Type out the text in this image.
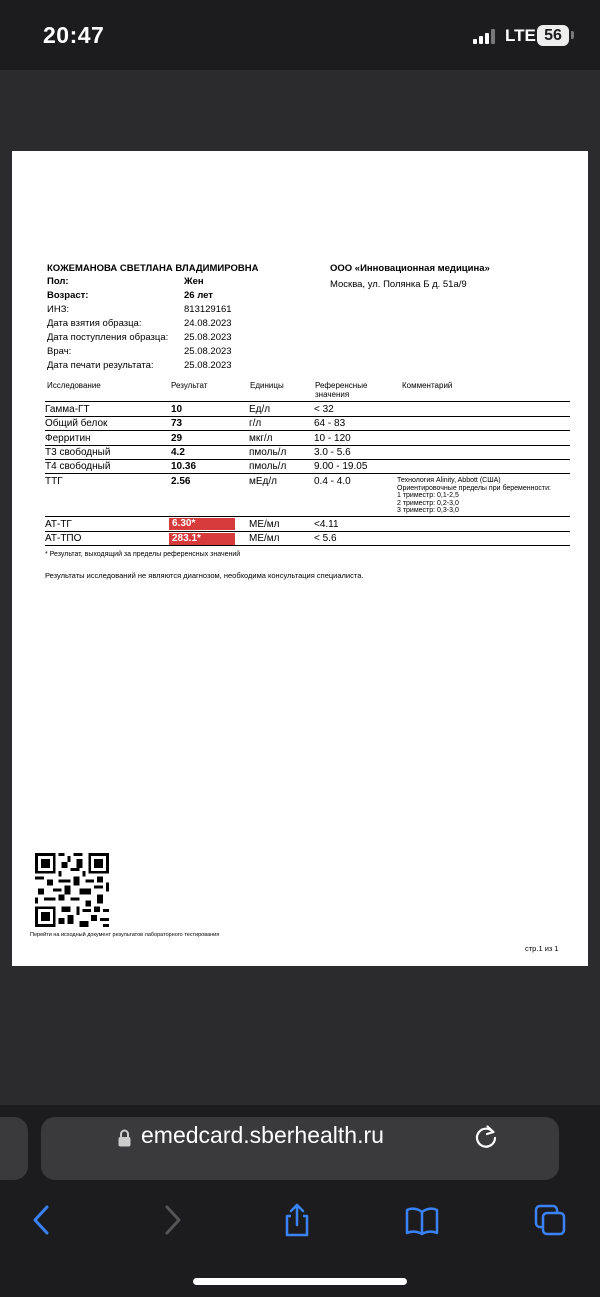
20:47	LTE 56
КОЖЕМАНОВА СВЕТЛАНА ВЛАДИМИРОВНА	ООО «Инновационная медицина»
Москва, ул. Полянка Б д. 51а/9
Пол:	Жен
Возраст:	26 лет
ИНЗ:	813129161
Дата взятия образца:	24.08.2023
Дата поступления образца: 25.08.2023
Врач:	25.08.2023
Дата печати результата:	25.08.2023
Исследование	Результат	Единицы	Референсные
значения
Комментарий
Гамма-ГТ	10	Ед/л	< 32
Общий белок	73	г/л	64 - 83
Ферритин	29	мкг/л	10 - 120
Т3 свободный	4.2	пмоль/л	3.0 - 5.6
Т4 свободный	10.36	пмоль/л	9.00 - 19.05
ТТГ	2.56	мЕд/л	0.4 - 4.0	Технология Alinity, Abbott (США)
Ориентировочные пределы при беременности:
1 триместр: 0,1-2,5
2 триместр: 0,2-3,0
3 триместр: 0,3-3,0
АТ-ТГ	6.30*	МЕ/мл	<4.11
АТ-ТПО	283.1*	МЕ/мл	< 5.6
* Результат, выходящий за пределы референсных значений
Результаты исследований не являются диагнозом, необходима консультация специалиста.
Перейти на исходный документ результатов лабораторного тестирования
стр.1 из 1
emedcard.sberhealth.ru
